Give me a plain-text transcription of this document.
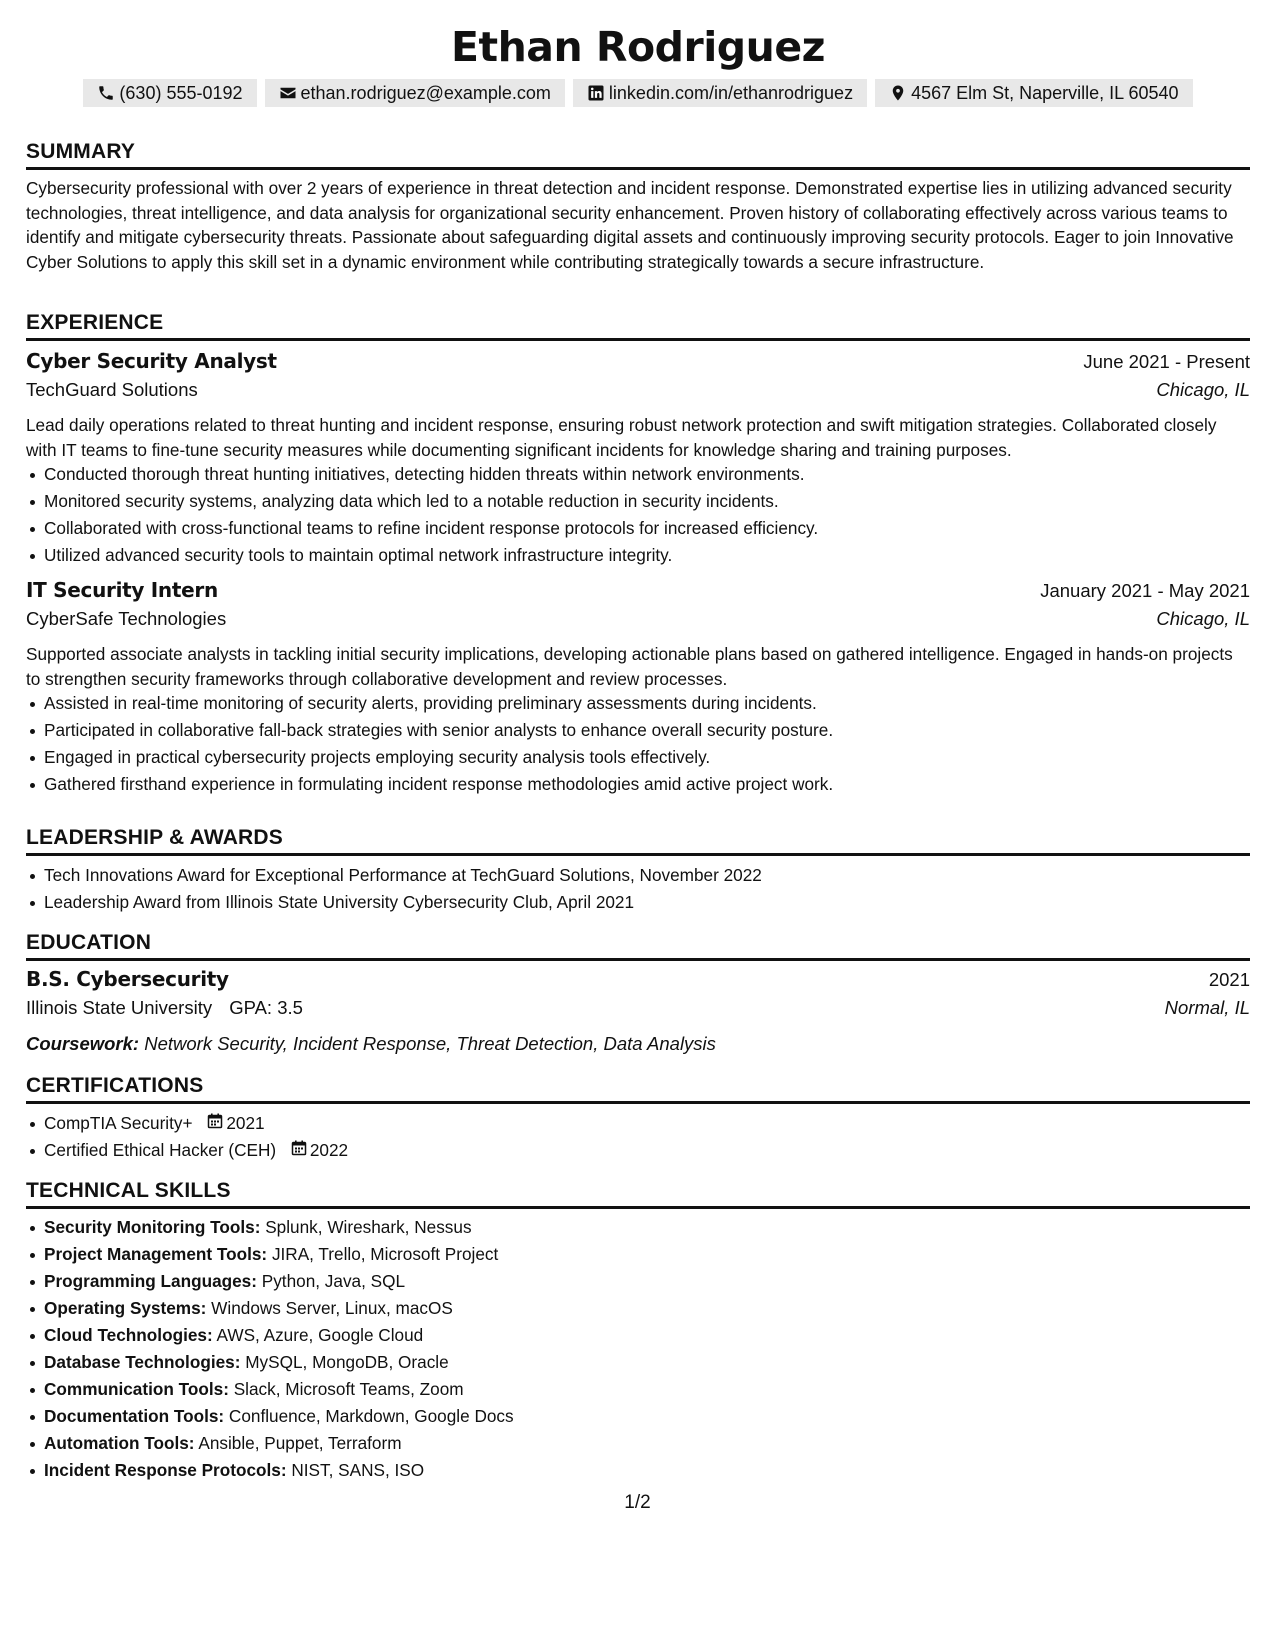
Ethan Rodriguez
(630) 555-0192	ethan.rodriguez@example.com	linkedin.com/in/ethanrodriguez	4567 Elm St, Naperville, IL 60540
SUMMARY

Cybersecurity professional with over 2 years of experience in threat detection and incident response. Demonstrated expertise lies in utilizing advanced security technologies, threat intelligence, and data analysis for organizational security enhancement. Proven history of collaborating effectively across various teams to identify and mitigate cybersecurity threats. Passionate about safeguarding digital assets and continuously improving security protocols. Eager to join Innovative Cyber Solutions to apply this skill set in a dynamic environment while contributing strategically towards a secure infrastructure.

EXPERIENCE
Cyber Security Analyst	June 2021 - Present
TechGuard Solutions	Chicago, IL

Lead daily operations related to threat hunting and incident response, ensuring robust network protection and swift mitigation strategies. Collaborated closely with IT teams to fine-tune security measures while documenting significant incidents for knowledge sharing and training purposes.

Conducted thorough threat hunting initiatives, detecting hidden threats within network environments.
Monitored security systems, analyzing data which led to a notable reduction in security incidents.
Collaborated with cross-functional teams to refine incident response protocols for increased efficiency.
Utilized advanced security tools to maintain optimal network infrastructure integrity.
IT Security Intern	January 2021 - May 2021
CyberSafe Technologies	Chicago, IL

Supported associate analysts in tackling initial security implications, developing actionable plans based on gathered intelligence. Engaged in hands-on projects to strengthen security frameworks through collaborative development and review processes.

Assisted in real-time monitoring of security alerts, providing preliminary assessments during incidents.
Participated in collaborative fall-back strategies with senior analysts to enhance overall security posture.
Engaged in practical cybersecurity projects employing security analysis tools effectively.
Gathered firsthand experience in formulating incident response methodologies amid active project work.
LEADERSHIP & AWARDS
Tech Innovations Award for Exceptional Performance at TechGuard Solutions, November 2022
Leadership Award from Illinois State University Cybersecurity Club, April 2021
EDUCATION
B.S. Cybersecurity	2021
Illinois State University GPA: 3.5	Normal, IL
Coursework: Network Security, Incident Response, Threat Detection, Data Analysis
CERTIFICATIONS
CompTIA Security+ 2021
Certified Ethical Hacker (CEH) 2022
TECHNICAL SKILLS
Security Monitoring Tools: Splunk, Wireshark, Nessus
Project Management Tools: JIRA, Trello, Microsoft Project
Programming Languages: Python, Java, SQL
Operating Systems: Windows Server, Linux, macOS
Cloud Technologies: AWS, Azure, Google Cloud
Database Technologies: MySQL, MongoDB, Oracle
Communication Tools: Slack, Microsoft Teams, Zoom
Documentation Tools: Confluence, Markdown, Google Docs
Automation Tools: Ansible, Puppet, Terraform
Incident Response Protocols: NIST, SANS, ISO
1/2
